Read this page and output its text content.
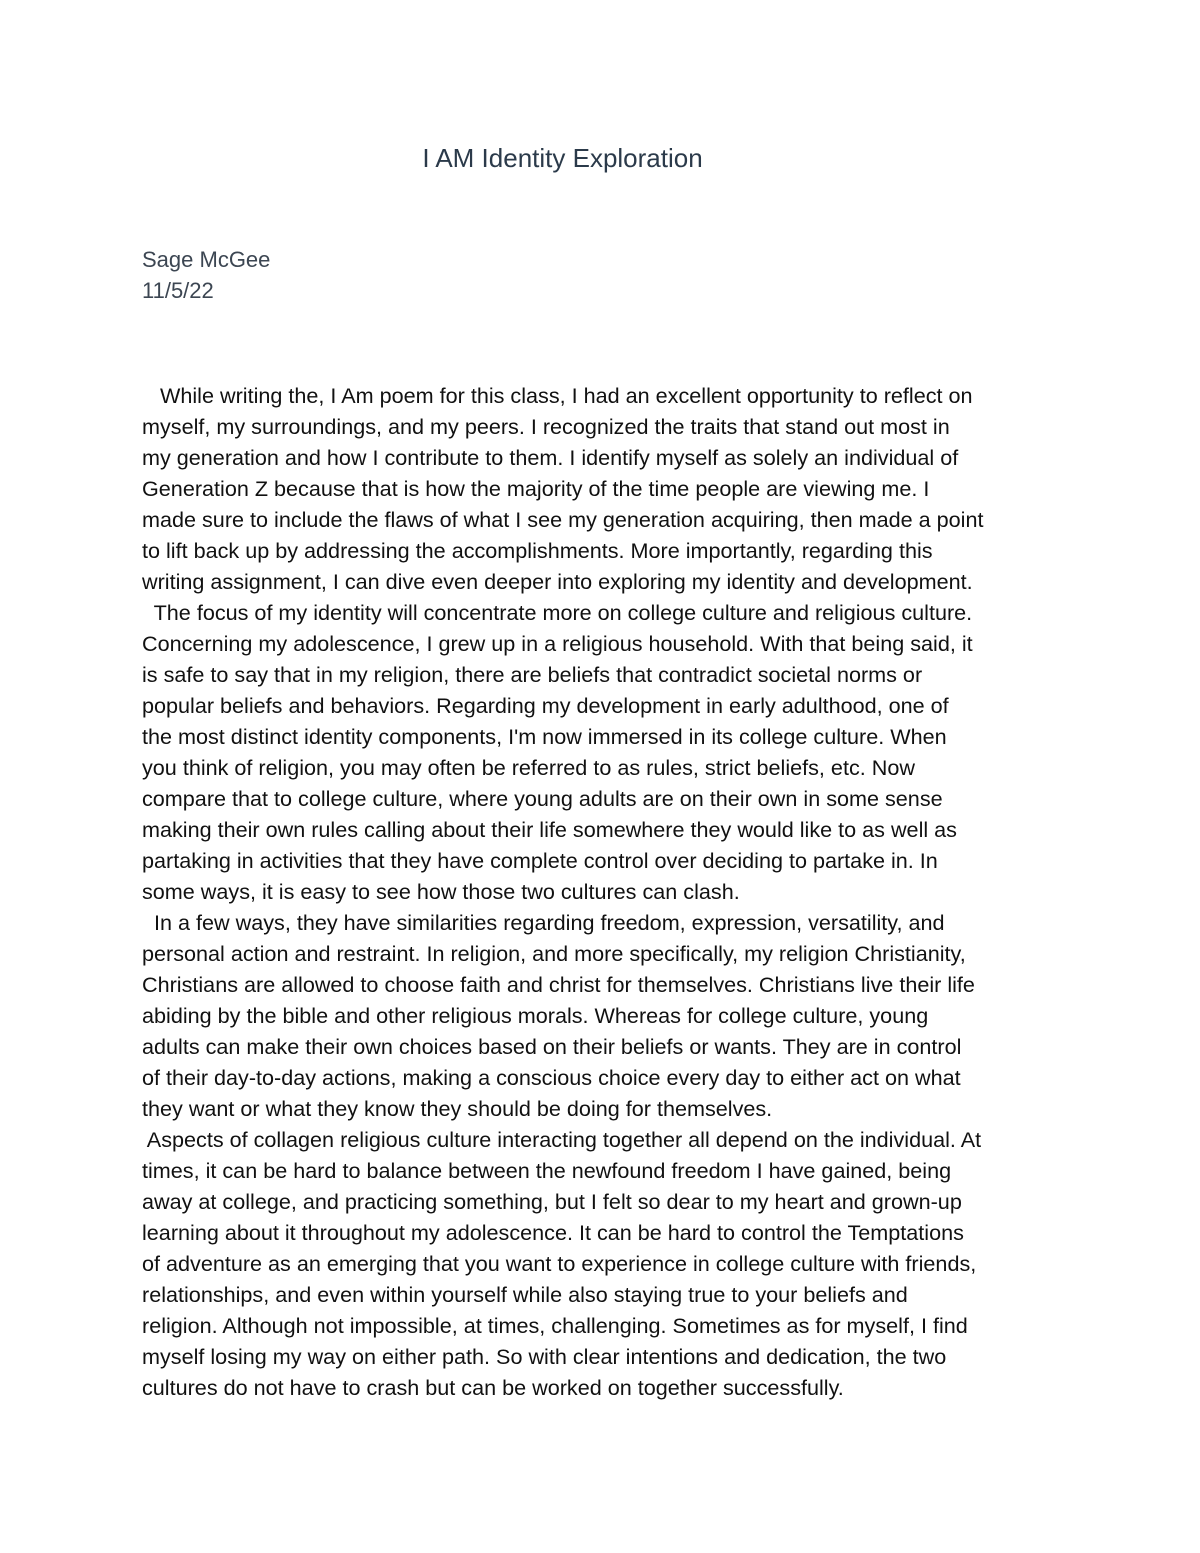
I AM Identity Exploration
Sage McGee
11/5/22
While writing the, I Am poem for this class, I had an excellent opportunity to reflect on
myself, my surroundings, and my peers. I recognized the traits that stand out most in
my generation and how I contribute to them. I identify myself as solely an individual of
Generation Z because that is how the majority of the time people are viewing me. I
made sure to include the flaws of what I see my generation acquiring, then made a point
to lift back up by addressing the accomplishments. More importantly, regarding this
writing assignment, I can dive even deeper into exploring my identity and development.
The focus of my identity will concentrate more on college culture and religious culture.
Concerning my adolescence, I grew up in a religious household. With that being said, it
is safe to say that in my religion, there are beliefs that contradict societal norms or
popular beliefs and behaviors. Regarding my development in early adulthood, one of
the most distinct identity components, I'm now immersed in its college culture. When
you think of religion, you may often be referred to as rules, strict beliefs, etc. Now
compare that to college culture, where young adults are on their own in some sense
making their own rules calling about their life somewhere they would like to as well as
partaking in activities that they have complete control over deciding to partake in. In
some ways, it is easy to see how those two cultures can clash.
In a few ways, they have similarities regarding freedom, expression, versatility, and
personal action and restraint. In religion, and more specifically, my religion Christianity,
Christians are allowed to choose faith and christ for themselves. Christians live their life
abiding by the bible and other religious morals. Whereas for college culture, young
adults can make their own choices based on their beliefs or wants. They are in control
of their day-to-day actions, making a conscious choice every day to either act on what
they want or what they know they should be doing for themselves.
Aspects of collagen religious culture interacting together all depend on the individual. At
times, it can be hard to balance between the newfound freedom I have gained, being
away at college, and practicing something, but I felt so dear to my heart and grown-up
learning about it throughout my adolescence. It can be hard to control the Temptations
of adventure as an emerging that you want to experience in college culture with friends,
relationships, and even within yourself while also staying true to your beliefs and
religion. Although not impossible, at times, challenging. Sometimes as for myself, I find
myself losing my way on either path. So with clear intentions and dedication, the two
cultures do not have to crash but can be worked on together successfully.
